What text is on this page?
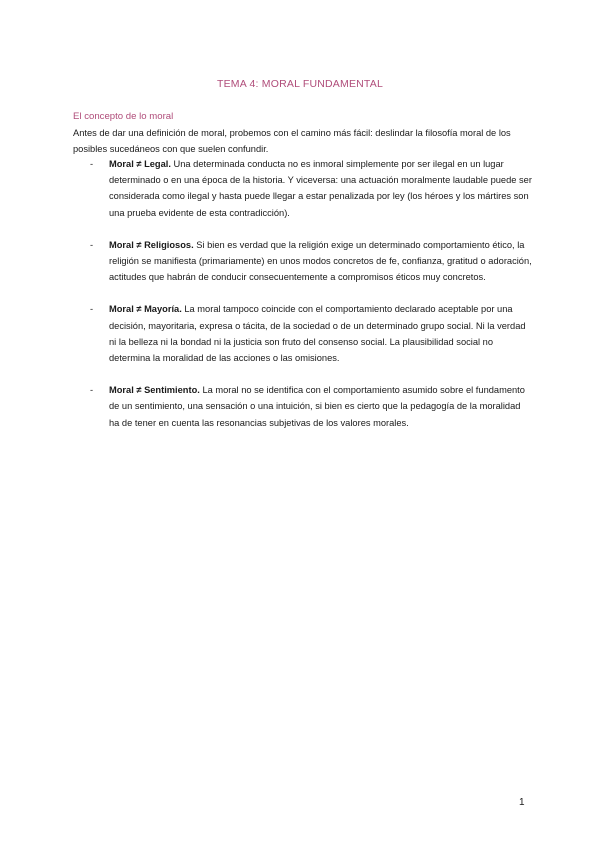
TEMA 4: MORAL FUNDAMENTAL
El concepto de lo moral
Antes de dar una definición de moral, probemos con el camino más fácil: deslindar la filosofía moral de los posibles sucedáneos con que suelen confundir.
- Moral ≠ Legal. Una determinada conducta no es inmoral simplemente por ser ilegal en un lugar determinado o en una época de la historia. Y viceversa: una actuación moralmente laudable puede ser considerada como ilegal y hasta puede llegar a estar penalizada por ley (los héroes y los mártires son una prueba evidente de esta contradicción).
- Moral ≠ Religiosos. Si bien es verdad que la religión exige un determinado comportamiento ético, la religión se manifiesta (primariamente) en unos modos concretos de fe, confianza, gratitud o adoración, actitudes que habrán de conducir consecuentemente a compromisos éticos muy concretos.
- Moral ≠ Mayoría. La moral tampoco coincide con el comportamiento declarado aceptable por una decisión, mayoritaria, expresa o tácita, de la sociedad o de un determinado grupo social. Ni la verdad ni la belleza ni la bondad ni la justicia son fruto del consenso social. La plausibilidad social no determina la moralidad de las acciones o las omisiones.
- Moral ≠ Sentimiento. La moral no se identifica con el comportamiento asumido sobre el fundamento de un sentimiento, una sensación o una intuición, si bien es cierto que la pedagogía de la moralidad ha de tener en cuenta las resonancias subjetivas de los valores morales.
1
